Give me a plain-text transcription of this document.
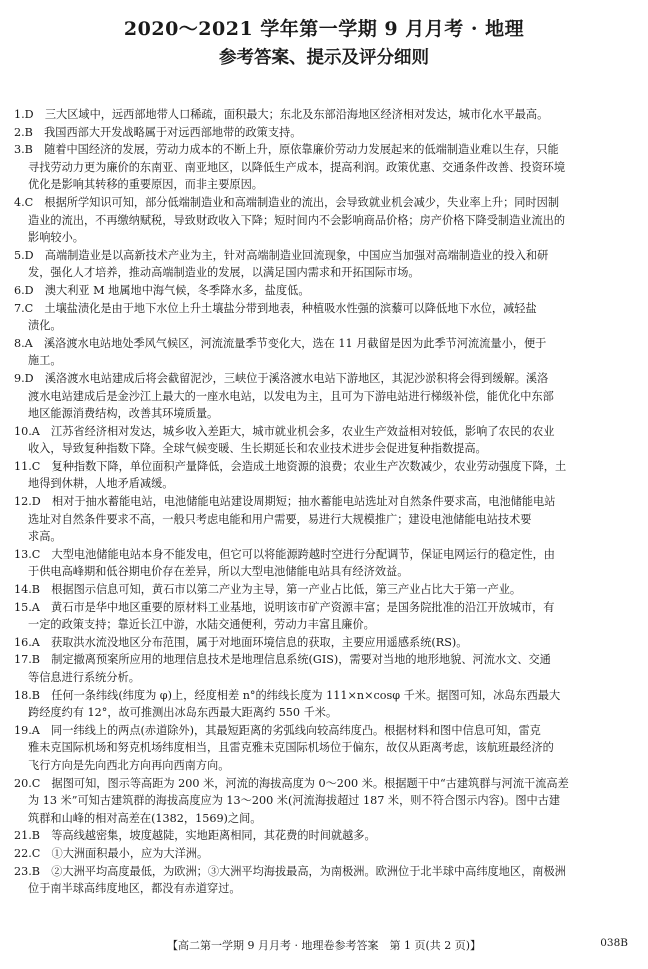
2020～2021 学年第一学期 9 月月考 · 地理
参考答案、提示及评分细则
1.D　三大区域中，远西部地带人口稀疏，面积最大；东北及东部沿海地区经济相对发达，城市化水平最高。
2.B　我国西部大开发战略属于对远西部地带的政策支持。
3.B　随着中国经济的发展，劳动力成本的不断上升，原依靠廉价劳动力发展起来的低端制造业难以生存，只能
寻找劳动力更为廉价的东南亚、南亚地区，以降低生产成本，提高利润。政策优惠、交通条件改善、投资环境
优化是影响其转移的重要原因，而非主要原因。
4.C　根据所学知识可知，部分低端制造业和高端制造业的流出，会导致就业机会减少，失业率上升；同时因制
造业的流出，不再缴纳赋税，导致财政收入下降；短时间内不会影响商品价格；房产价格下降受制造业流出的
影响较小。
5.D　高端制造业是以高新技术产业为主，针对高端制造业回流现象，中国应当加强对高端制造业的投入和研
发，强化人才培养，推动高端制造业的发展，以满足国内需求和开拓国际市场。
6.D　澳大利亚 M 地属地中海气候，冬季降水多，盐度低。
7.C　土壤盐渍化是由于地下水位上升土壤盐分带到地表，种植吸水性强的滨藜可以降低地下水位，减轻盐
渍化。
8.A　溪洛渡水电站地处季风气候区，河流流量季节变化大，选在 11 月截留是因为此季节河流流量小，便于
施工。
9.D　溪洛渡水电站建成后将会截留泥沙，三峡位于溪洛渡水电站下游地区，其泥沙淤积将会得到缓解。溪洛
渡水电站建成后是金沙江上最大的一座水电站，以发电为主，且可为下游电站进行梯级补偿，能优化中东部
地区能源消费结构，改善其环境质量。
10.A　江苏省经济相对发达，城乡收入差距大，城市就业机会多，农业生产效益相对较低，影响了农民的农业
收入，导致复种指数下降。全球气候变暖、生长期延长和农业技术进步会促进复种指数提高。
11.C　复种指数下降，单位面积产量降低，会造成土地资源的浪费；农业生产次数减少，农业劳动强度下降，土
地得到休耕，人地矛盾减缓。
12.D　相对于抽水蓄能电站，电池储能电站建设周期短；抽水蓄能电站选址对自然条件要求高，电池储能电站
选址对自然条件要求不高，一般只考虑电能和用户需要，易进行大规模推广；建设电池储能电站技术要
求高。
13.C　大型电池储能电站本身不能发电，但它可以将能源跨越时空进行分配调节，保证电网运行的稳定性，由
于供电高峰期和低谷期电价存在差异，所以大型电池储能电站具有经济效益。
14.B　根据图示信息可知，黄石市以第二产业为主导，第一产业占比低，第三产业占比大于第一产业。
15.A　黄石市是华中地区重要的原材料工业基地，说明该市矿产资源丰富；是国务院批准的沿江开放城市，有
一定的政策支持；靠近长江中游，水陆交通便利，劳动力丰富且廉价。
16.A　获取洪水流没地区分布范围，属于对地面环境信息的获取，主要应用遥感系统(RS)。
17.B　制定撤离预案所应用的地理信息技术是地理信息系统(GIS)，需要对当地的地形地貌、河流水文、交通
等信息进行系统分析。
18.B　任何一条纬线(纬度为 φ)上，经度相差 n°的纬线长度为 111×n×cosφ 千米。据图可知，冰岛东西最大
跨经度约有 12°，故可推测出冰岛东西最大距离约 550 千米。
19.A　同一纬线上的两点(赤道除外)，其最短距离的劣弧线向较高纬度凸。根据材料和图中信息可知，雷克
雅未克国际机场和努克机场纬度相当，且雷克雅未克国际机场位于偏东，故仅从距离考虑，该航班最经济的
飞行方向是先向西北方向再向西南方向。
20.C　据图可知，图示等高距为 200 米，河流的海拔高度为 0～200 米。根据题干中“古建筑群与河流干流高差
为 13 米”可知古建筑群的海拔高度应为 13～200 米(河流海拔超过 187 米，则不符合图示内容)。图中古建
筑群和山峰的相对高差在(1382，1569)之间。
21.B　等高线越密集，坡度越陡，实地距离相同，其花费的时间就越多。
22.C　①大洲面积最小，应为大洋洲。
23.B　②大洲平均高度最低，为欧洲；③大洲平均海拔最高，为南极洲。欧洲位于北半球中高纬度地区，南极洲
位于南半球高纬度地区，都没有赤道穿过。
【高二第一学期 9 月月考 · 地理卷参考答案　第 1 页(共 2 页)】	038B
